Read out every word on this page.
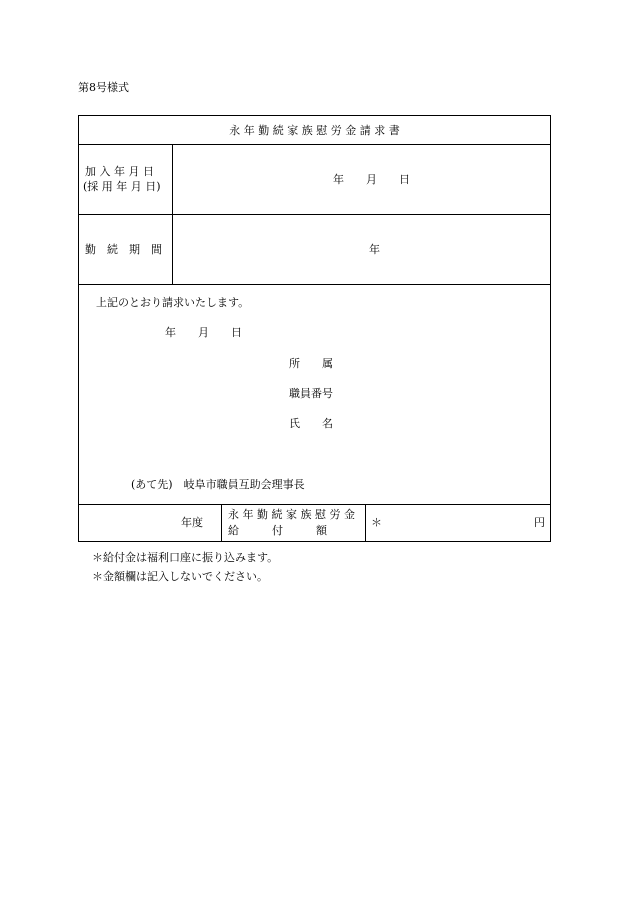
第8号様式
永 年 勤 続 家 族 慰 労 金 請 求 書
加 入 年 月 日
(採 用 年 月 日)
年　　月　　日
勤　続　期　間	年
上記のとおり請求いたします。
年　　月　　日
所　　属
職員番号
氏　　名
(あて先)　岐阜市職員互助会理事長
年度
永 年 勤 続 家 族 慰 労 金
給　　　付　　　額
＊	円
＊給付金は福利口座に振り込みます。
＊金額欄は記入しないでください。
